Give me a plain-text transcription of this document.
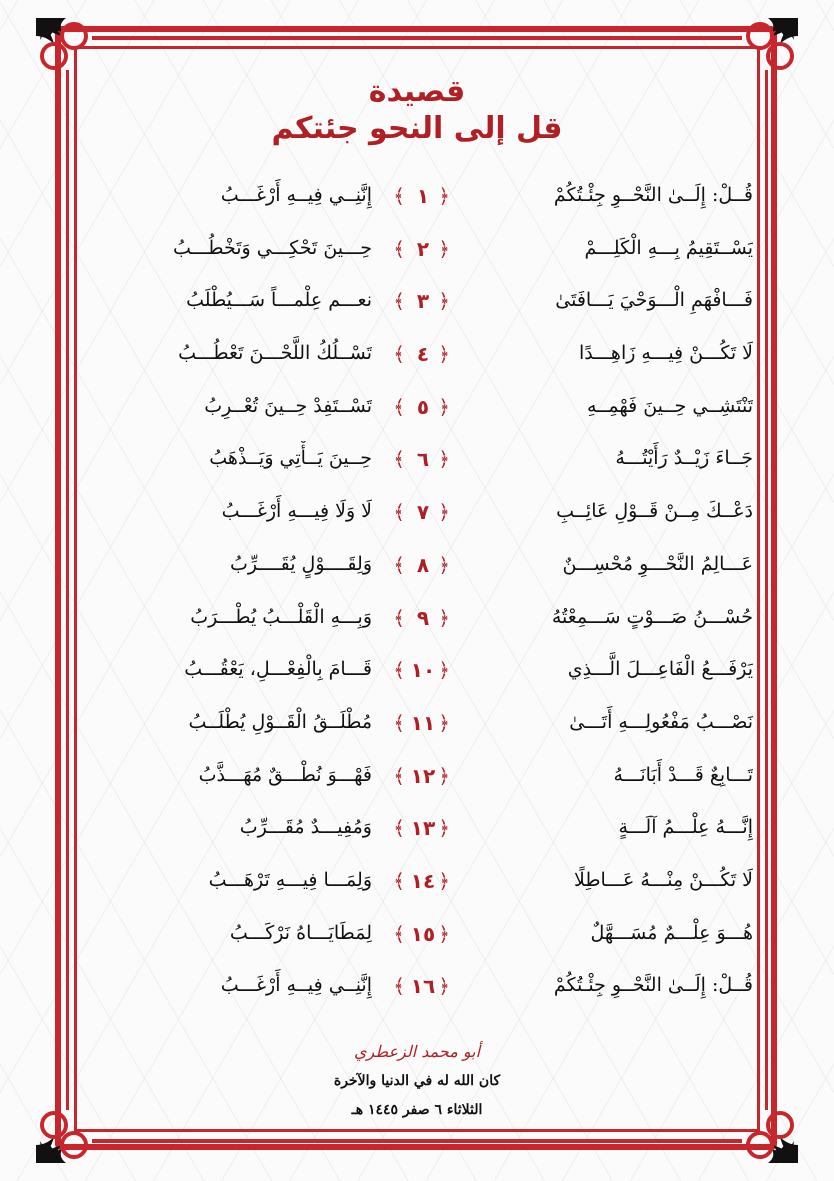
قصيدة
قل إلى النحو جئتكم
قُــلْ: إِلَــىٰ النَّحْــوِ جِئْـتُكُمْ
﴿
١
﴾
إِنَّنِــي فِيــهِ أَرْغَـــبُ
يَسْــتَقِيمُ بِـــهِ الْكَلِـــمْ
﴿
٢
﴾
حِـــينَ تَحْكِـــي وَتَخْطُـــبُ
فَـــافْهَمِ الْـــوَحْيَ يَـــافَتَىٰ
﴿
٣
﴾
نعـــم عِلْمـــاً سَـــيُطْلَبُ
لَا تَكُـــنْ فِيـــهِ زَاهِـــدًا
﴿
٤
﴾
تَسْــلُكُ اللَّحْـــنَ تَعْطُـــبُ
تَنْتَشِــي حِــينَ فَهْمِــهِ
﴿
٥
﴾
تَسْــتَفِدْ حِــينَ تُعْــرِبُ
جَــاءَ زَيْــدٌ رَأَيْتُـــهُ
﴿
٦
﴾
حِــينَ يَــأْتِي وَيَــذْهَبُ
دَعْــكَ مِــنْ قَــوْلِ عَائِــبِ
﴿
٧
﴾
لَا وَلَا فِيـــهِ أَرْغَـــبُ
عَـــالِمُ النَّحْـــوِ مُحْسِـــنٌ
﴿
٨
﴾
وَلِقَــــوْلٍ يُقَــــرِّبُ
حُسْـــنُ صَـــوْتٍ سَـــمِعْتُهُ
﴿
٩
﴾
وَبِـــهِ الْقَلْـــبُ يُطْـــرَبُ
يَرْفَـــعُ الْفَاعِـــلَ الَّـــذِي
﴿
١٠
﴾
قَـــامَ بِالْفِعْـــلِ، يَعْقُـــبُ
نَصْـــبُ مَفْعُولِـــهِ أَتَـــىٰ
﴿
١١
﴾
مُطْلَــقُ الْقَــوْلِ يُطْلَــبُ
تَـــابِعٌ قَـــدْ أَبَانَـــهُ
﴿
١٢
﴾
فَهْـــوَ نُطْـــقٌ مُهَـــذَّبُ
إِنَّـــهُ عِلْـــمُ آلَـــةٍ
﴿
١٣
﴾
وَمُفِيـــدٌ مُقَـــرِّبُ
لَا تَكُـــنْ مِنْـــهُ عَـــاطِلًا
﴿
١٤
﴾
وَلِمَـــا فِيـــهِ تَرْهَـــبُ
هُـــوَ عِلْـــمٌ مُسَـــهَّلٌ
﴿
١٥
﴾
لِمَطَايَـــاهُ نَرْكَـــبُ
قُــلْ: إِلَــىٰ النَّحْــوِ جِئْـتُكُمْ
﴿
١٦
﴾
إِنَّنِــي فِيــهِ أَرْغَـــبُ
أبو محمد الزعطري
كان الله له في الدنيا والآخرة
الثلاثاء ٦ صفر ١٤٤٥ هـ
